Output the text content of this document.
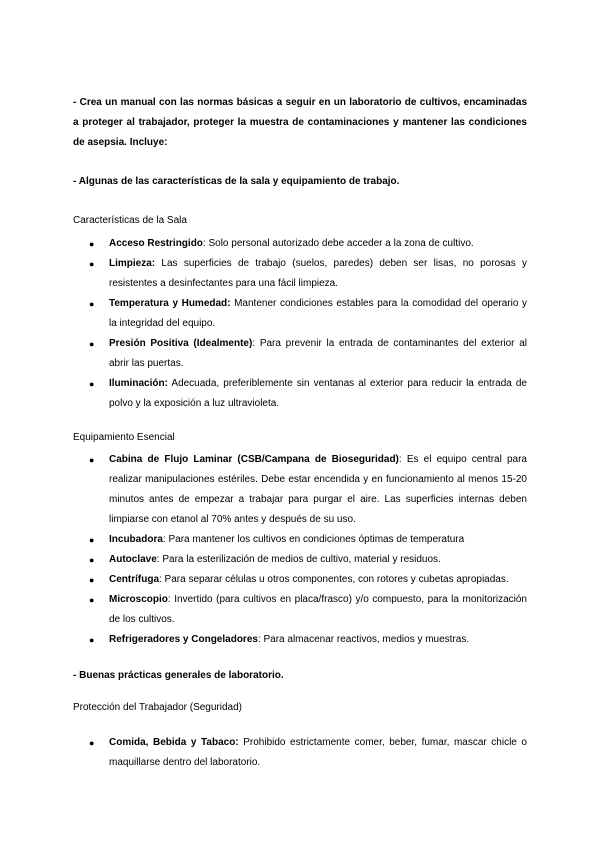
- Crea un manual con las normas básicas a seguir en un laboratorio de cultivos, encaminadas a proteger al trabajador, proteger la muestra de contaminaciones y mantener las condiciones de asepsia. Incluye:
- Algunas de las características de la sala y equipamiento de trabajo.
Características de la Sala
● Acceso Restringido: Solo personal autorizado debe acceder a la zona de cultivo.
● Limpieza: Las superficies de trabajo (suelos, paredes) deben ser lisas, no porosas y resistentes a desinfectantes para una fácil limpieza.
● Temperatura y Humedad: Mantener condiciones estables para la comodidad del operario y la integridad del equipo.
● Presión Positiva (Idealmente): Para prevenir la entrada de contaminantes del exterior al abrir las puertas.
● Iluminación: Adecuada, preferiblemente sin ventanas al exterior para reducir la entrada de polvo y la exposición a luz ultravioleta.
Equipamiento Esencial
● Cabina de Flujo Laminar (CSB/Campana de Bioseguridad): Es el equipo central para realizar manipulaciones estériles. Debe estar encendida y en funcionamiento al menos 15-20 minutos antes de empezar a trabajar para purgar el aire. Las superficies internas deben limpiarse con etanol al 70% antes y después de su uso.
● Incubadora: Para mantener los cultivos en condiciones óptimas de temperatura
● Autoclave: Para la esterilización de medios de cultivo, material y residuos.
● Centrífuga: Para separar células u otros componentes, con rotores y cubetas apropiadas.
● Microscopio: Invertido (para cultivos en placa/frasco) y/o compuesto, para la monitorización de los cultivos.
● Refrigeradores y Congeladores: Para almacenar reactivos, medios y muestras.
- Buenas prácticas generales de laboratorio.
Protección del Trabajador (Seguridad)
● Comida, Bebida y Tabaco: Prohibido estrictamente comer, beber, fumar, mascar chicle o maquillarse dentro del laboratorio.
